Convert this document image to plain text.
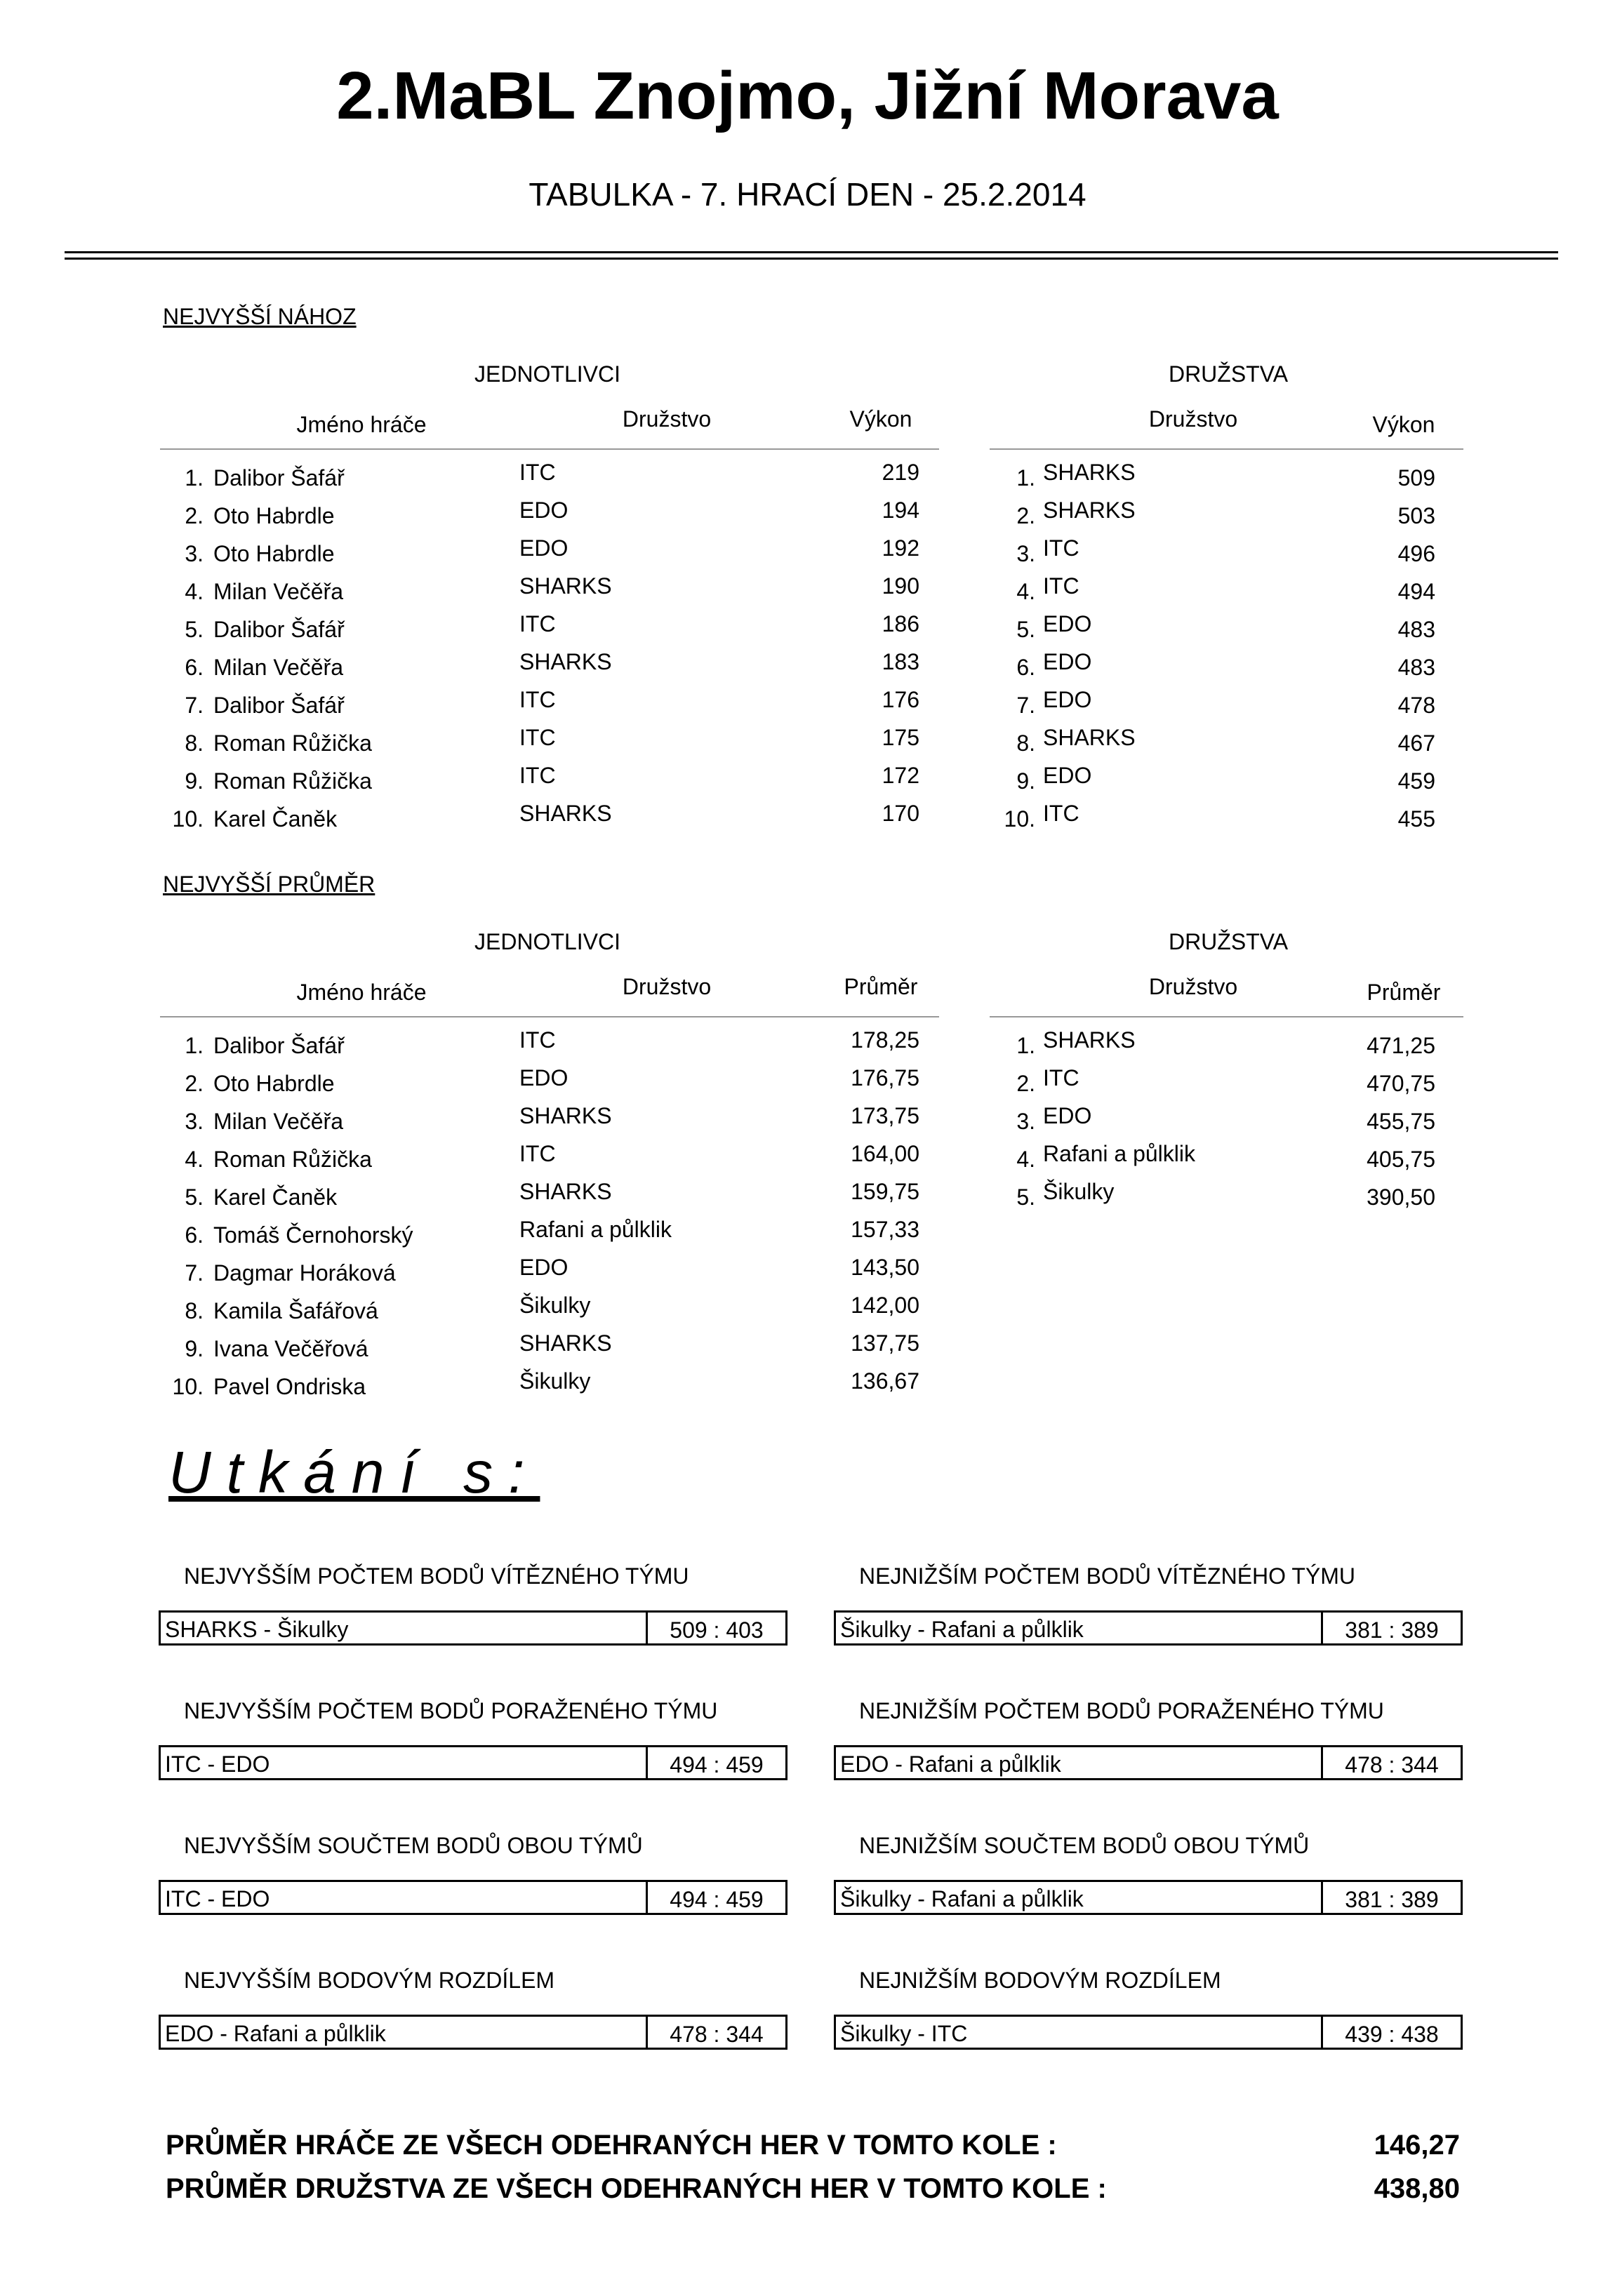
2.MaBL Znojmo, Jižní Morava
TABULKA - 7. HRACÍ DEN - 25.2.2014
NEJVYŠŠÍ NÁHOZ
JEDNOTLIVCI
Jméno hráče	Družstvo	Výkon
1. Dalibor Šafář	ITC	219
2. Oto Habrdle	EDO	194
3. Oto Habrdle	EDO	192
4. Milan Večěřa	SHARKS	190
5. Dalibor Šafář	ITC	186
6. Milan Večěřa	SHARKS	183
7. Dalibor Šafář	ITC	176
8. Roman Růžička	ITC	175
9. Roman Růžička	ITC	172
10. Karel Čaněk	SHARKS	170
DRUŽSTVA
Družstvo	Výkon
1. SHARKS	509
2. SHARKS	503
3. ITC	496
4. ITC	494
5. EDO	483
6. EDO	483
7. EDO	478
8. SHARKS	467
9. EDO	459
10. ITC	455
NEJVYŠŠÍ PRŮMĚR
JEDNOTLIVCI
Jméno hráče	Družstvo	Průměr
1. Dalibor Šafář	ITC	178,25
2. Oto Habrdle	EDO	176,75
3. Milan Večěřa	SHARKS	173,75
4. Roman Růžička	ITC	164,00
5. Karel Čaněk	SHARKS	159,75
6. Tomáš Černohorský	Rafani a půlklik	157,33
7. Dagmar Horáková	EDO	143,50
8. Kamila Šafářová	Šikulky	142,00
9. Ivana Večěřová	SHARKS	137,75
10. Pavel Ondriska	Šikulky	136,67
DRUŽSTVA
Družstvo	Průměr
1. SHARKS	471,25
2. ITC	470,75
3. EDO	455,75
4. Rafani a půlklik	405,75
5. Šikulky	390,50
Utkání s:
NEJVYŠŠÍM POČTEM BODŮ VÍTĚZNÉHO TÝMU
SHARKS - Šikulky	509 : 403
NEJVYŠŠÍM POČTEM BODŮ PORAŽENÉHO TÝMU
ITC - EDO	494 : 459
NEJVYŠŠÍM SOUČTEM BODŮ OBOU TÝMŮ
ITC - EDO	494 : 459
NEJVYŠŠÍM BODOVÝM ROZDÍLEM
EDO - Rafani a půlklik	478 : 344
NEJNIŽŠÍM POČTEM BODŮ VÍTĚZNÉHO TÝMU
Šikulky - Rafani a půlklik	381 : 389
NEJNIŽŠÍM POČTEM BODŮ PORAŽENÉHO TÝMU
EDO - Rafani a půlklik	478 : 344
NEJNIŽŠÍM SOUČTEM BODŮ OBOU TÝMŮ
Šikulky - Rafani a půlklik	381 : 389
NEJNIŽŠÍM BODOVÝM ROZDÍLEM
Šikulky - ITC	439 : 438
PRŮMĚR HRÁČE ZE VŠECH ODEHRANÝCH HER V TOMTO KOLE :	146,27
PRŮMĚR DRUŽSTVA ZE VŠECH ODEHRANÝCH HER V TOMTO KOLE :	438,80
